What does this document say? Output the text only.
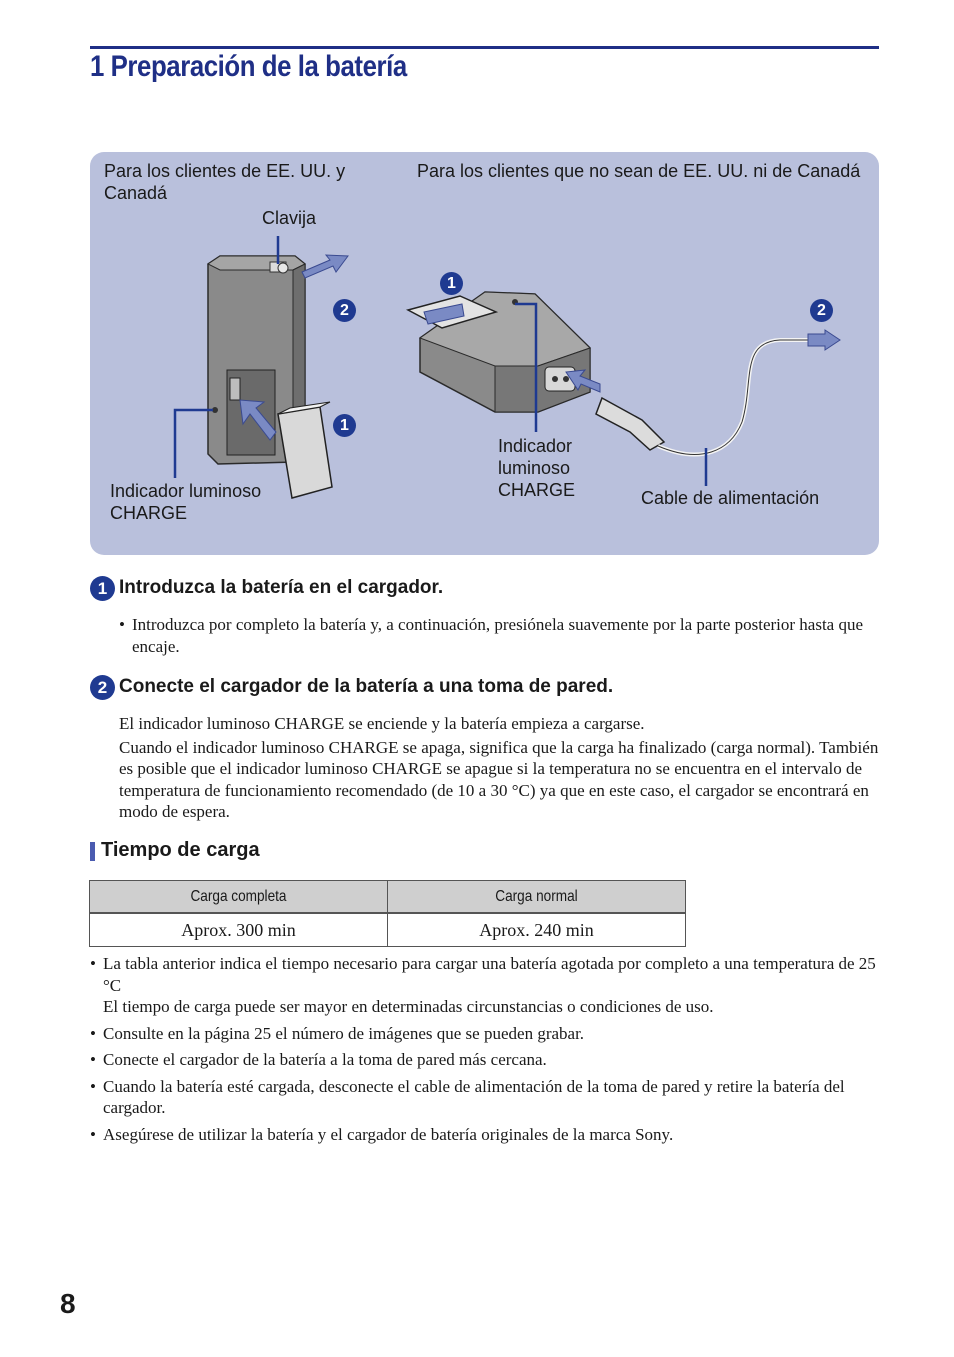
1 Preparación de la batería
Para los clientes de EE. UU. y Canadá
Para los clientes que no sean de EE. UU. ni de Canadá
Clavija
Indicador luminoso CHARGE
Indicador luminoso CHARGE	Cable de alimentación
2
1
1
2
1 Introduzca la batería en el cargador.
• Introduzca por completo la batería y, a continuación, presiónela suavemente por la parte posterior hasta que encaje.
2 Conecte el cargador de la batería a una toma de pared.

El indicador luminoso CHARGE se enciende y la batería empieza a cargarse.

Cuando el indicador luminoso CHARGE se apaga, significa que la carga ha finalizado (carga normal). También es posible que el indicador luminoso CHARGE se apague si la temperatura no se encuentra en el intervalo de temperatura de funcionamiento recomendado (de 10 a 30 °C) ya que en este caso, el cargador se encontrará en modo de espera.

Tiempo de carga
Carga completa	Carga normal
Aprox. 300 min	Aprox. 240 min
• La tabla anterior indica el tiempo necesario para cargar una batería agotada por completo a una temperatura de 25 °C
El tiempo de carga puede ser mayor en determinadas circunstancias o condiciones de uso.
• Consulte en la página 25 el número de imágenes que se pueden grabar.
• Conecte el cargador de la batería a la toma de pared más cercana.
• Cuando la batería esté cargada, desconecte el cable de alimentación de la toma de pared y retire la batería del cargador.
• Asegúrese de utilizar la batería y el cargador de batería originales de la marca Sony.
8
